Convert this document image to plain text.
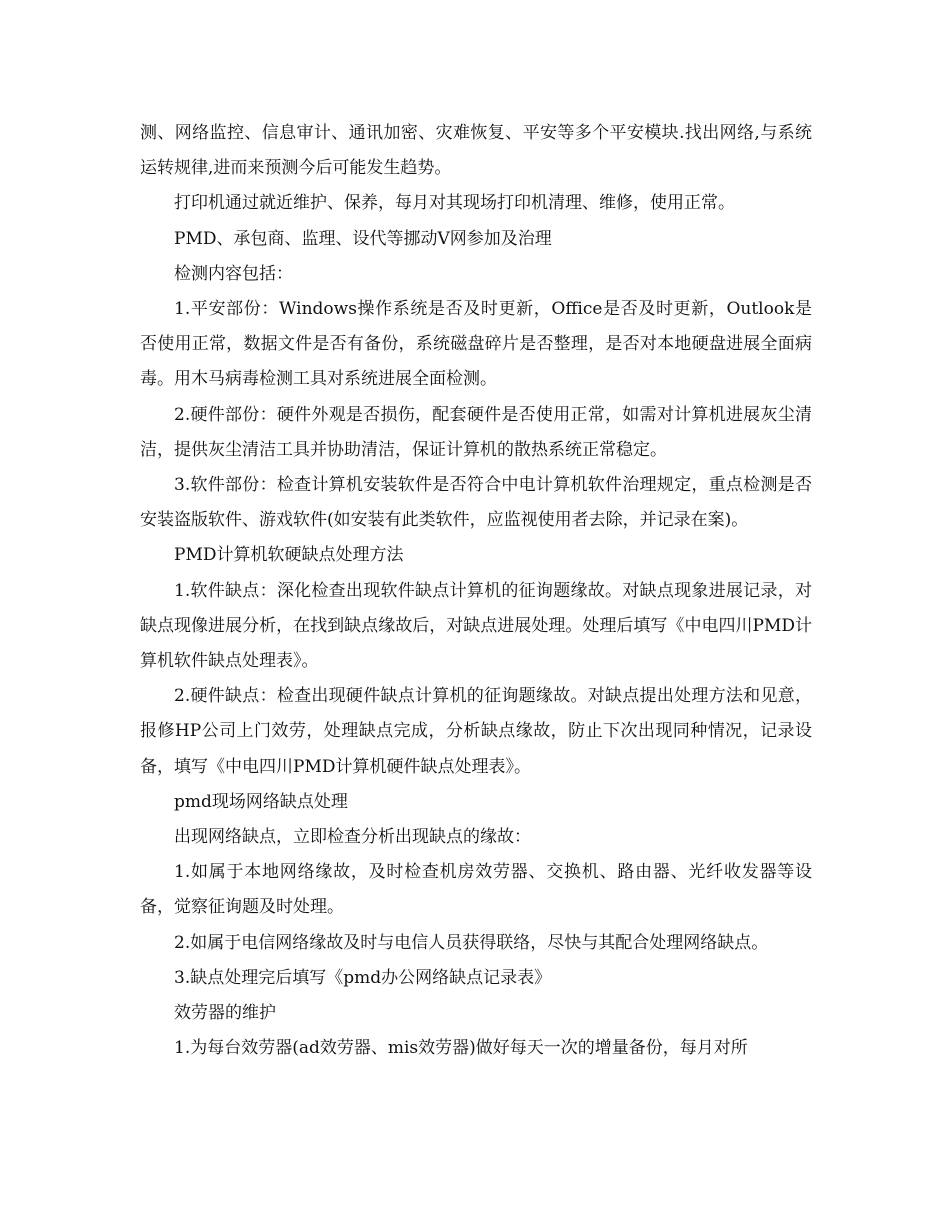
测、网络监控、信息审计、通讯加密、灾难恢复、平安等多个平安模块.找出网络,与系统运转规律,进而来预测今后可能发生趋势。

打印机通过就近维护、保养，每月对其现场打印机清理、维修，使用正常。

PMD、承包商、监理、设代等挪动V网参加及治理

检测内容包括：

1.平安部份：Windows操作系统是否及时更新，Office是否及时更新，Outlook是否使用正常，数据文件是否有备份，系统磁盘碎片是否整理，是否对本地硬盘进展全面病毒。用木马病毒检测工具对系统进展全面检测。

2.硬件部份：硬件外观是否损伤，配套硬件是否使用正常，如需对计算机进展灰尘清洁，提供灰尘清洁工具并协助清洁，保证计算机的散热系统正常稳定。

3.软件部份：检查计算机安装软件是否符合中电计算机软件治理规定，重点检测是否安装盗版软件、游戏软件(如安装有此类软件，应监视使用者去除，并记录在案)。

PMD计算机软硬缺点处理方法

1.软件缺点：深化检查出现软件缺点计算机的征询题缘故。对缺点现象进展记录，对缺点现像进展分析，在找到缺点缘故后，对缺点进展处理。处理后填写《中电四川PMD计算机软件缺点处理表》。

2.硬件缺点：检查出现硬件缺点计算机的征询题缘故。对缺点提出处理方法和见意，报修HP公司上门效劳，处理缺点完成，分析缺点缘故，防止下次出现同种情况，记录设备，填写《中电四川PMD计算机硬件缺点处理表》。

pmd现场网络缺点处理

出现网络缺点，立即检查分析出现缺点的缘故：

1.如属于本地网络缘故，及时检查机房效劳器、交换机、路由器、光纤收发器等设备，觉察征询题及时处理。

2.如属于电信网络缘故及时与电信人员获得联络，尽快与其配合处理网络缺点。

3.缺点处理完后填写《pmd办公网络缺点记录表》

效劳器的维护

1.为每台效劳器(ad效劳器、mis效劳器)做好每天一次的增量备份，每月对所
